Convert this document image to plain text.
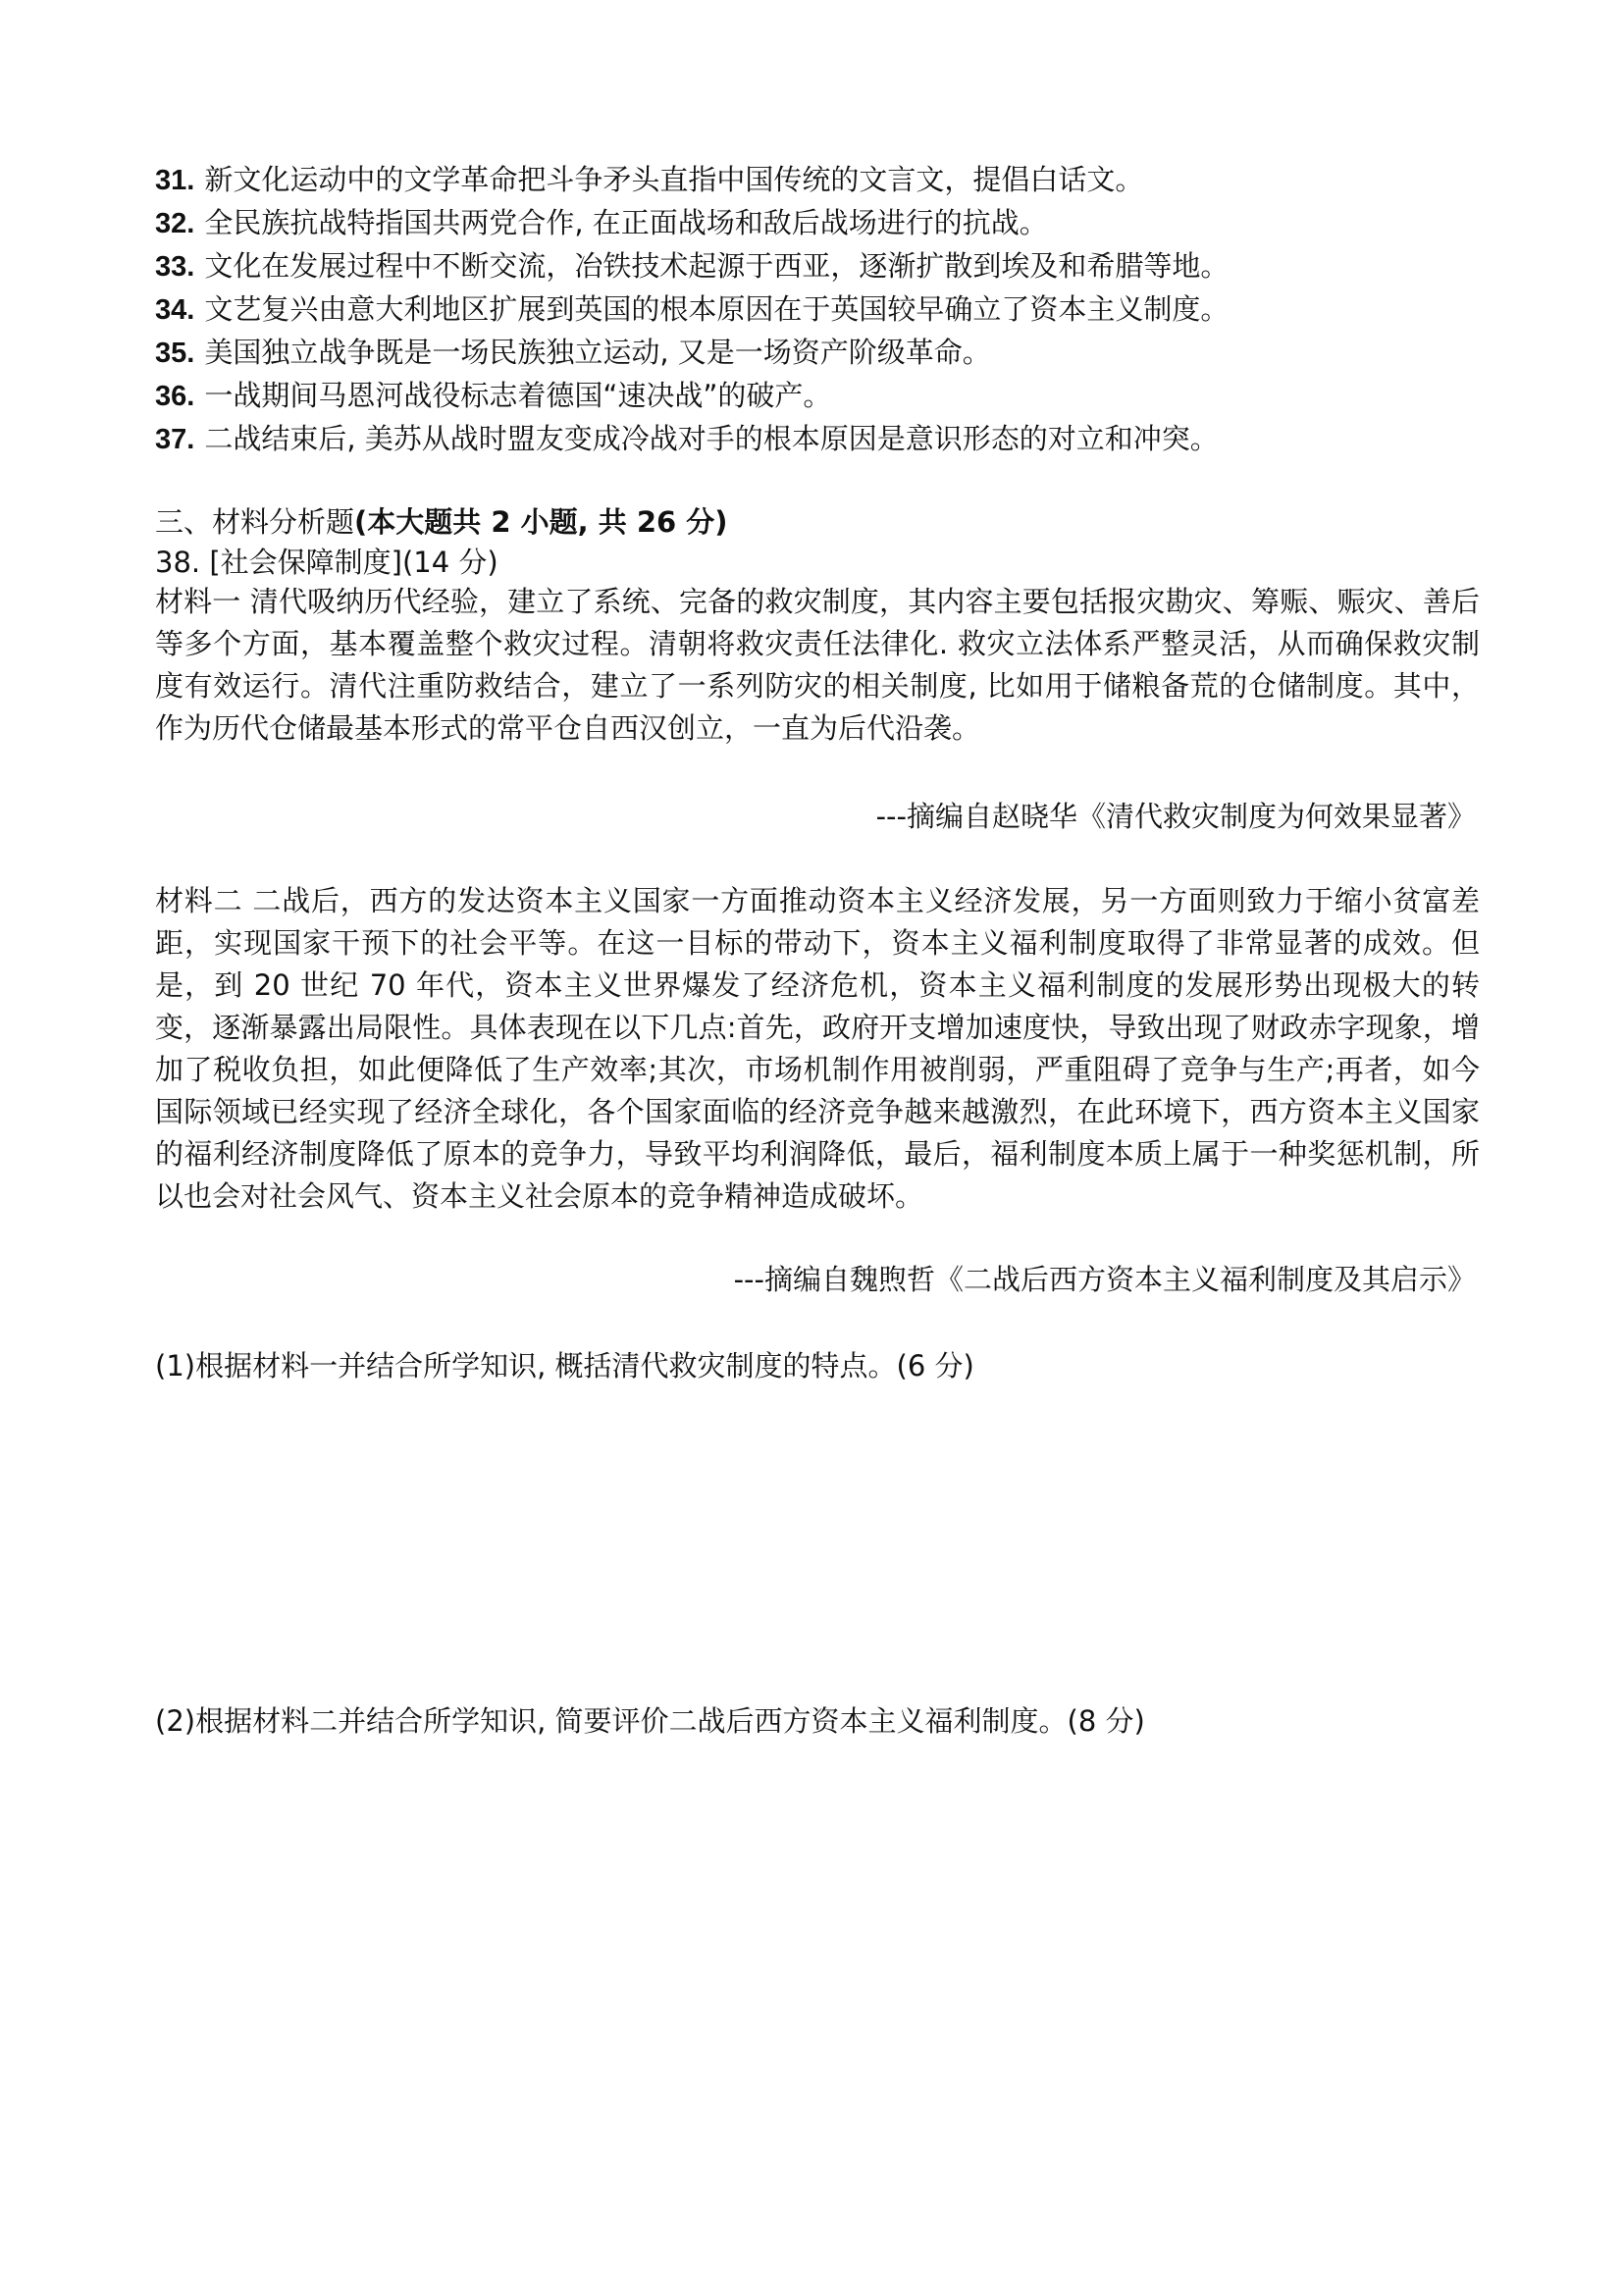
31. 新文化运动中的文学革命把斗争矛头直指中国传统的文言文，提倡白话文。
32. 全民族抗战特指国共两党合作, 在正面战场和敌后战场进行的抗战。
33. 文化在发展过程中不断交流，冶铁技术起源于西亚，逐渐扩散到埃及和希腊等地。
34. 文艺复兴由意大利地区扩展到英国的根本原因在于英国较早确立了资本主义制度。
35. 美国独立战争既是一场民族独立运动, 又是一场资产阶级革命。
36. 一战期间马恩河战役标志着德国“速决战”的破产。
37. 二战结束后, 美苏从战时盟友变成冷战对手的根本原因是意识形态的对立和冲突。
三、材料分析题(本大题共 2 小题, 共 26 分)
38. [社会保障制度](14 分)
材料一 清代吸纳历代经验，建立了系统、完备的救灾制度，其内容主要包括报灾勘灾、筹赈、赈灾、善后等多个方面，基本覆盖整个救灾过程。清朝将救灾责任法律化. 救灾立法体系严整灵活，从而确保救灾制度有效运行。清代注重防救结合，建立了一系列防灾的相关制度, 比如用于储粮备荒的仓储制度。其中，作为历代仓储最基本形式的常平仓自西汉创立，一直为后代沿袭。
---摘编自赵晓华《清代救灾制度为何效果显著》
材料二 二战后，西方的发达资本主义国家一方面推动资本主义经济发展，另一方面则致力于缩小贫富差距，实现国家干预下的社会平等。在这一目标的带动下，资本主义福利制度取得了非常显著的成效。但是，到 20 世纪 70 年代，资本主义世界爆发了经济危机，资本主义福利制度的发展形势出现极大的转变，逐渐暴露出局限性。具体表现在以下几点:首先，政府开支增加速度快，导致出现了财政赤字现象，增加了税收负担，如此便降低了生产效率;其次，市场机制作用被削弱，严重阻碍了竞争与生产;再者，如今国际领域已经实现了经济全球化，各个国家面临的经济竞争越来越激烈，在此环境下，西方资本主义国家的福利经济制度降低了原本的竞争力，导致平均利润降低，最后，福利制度本质上属于一种奖惩机制，所以也会对社会风气、资本主义社会原本的竞争精神造成破坏。
---摘编自魏煦哲《二战后西方资本主义福利制度及其启示》
(1)根据材料一并结合所学知识, 概括清代救灾制度的特点。(6 分)
(2)根据材料二并结合所学知识, 简要评价二战后西方资本主义福利制度。(8 分)
